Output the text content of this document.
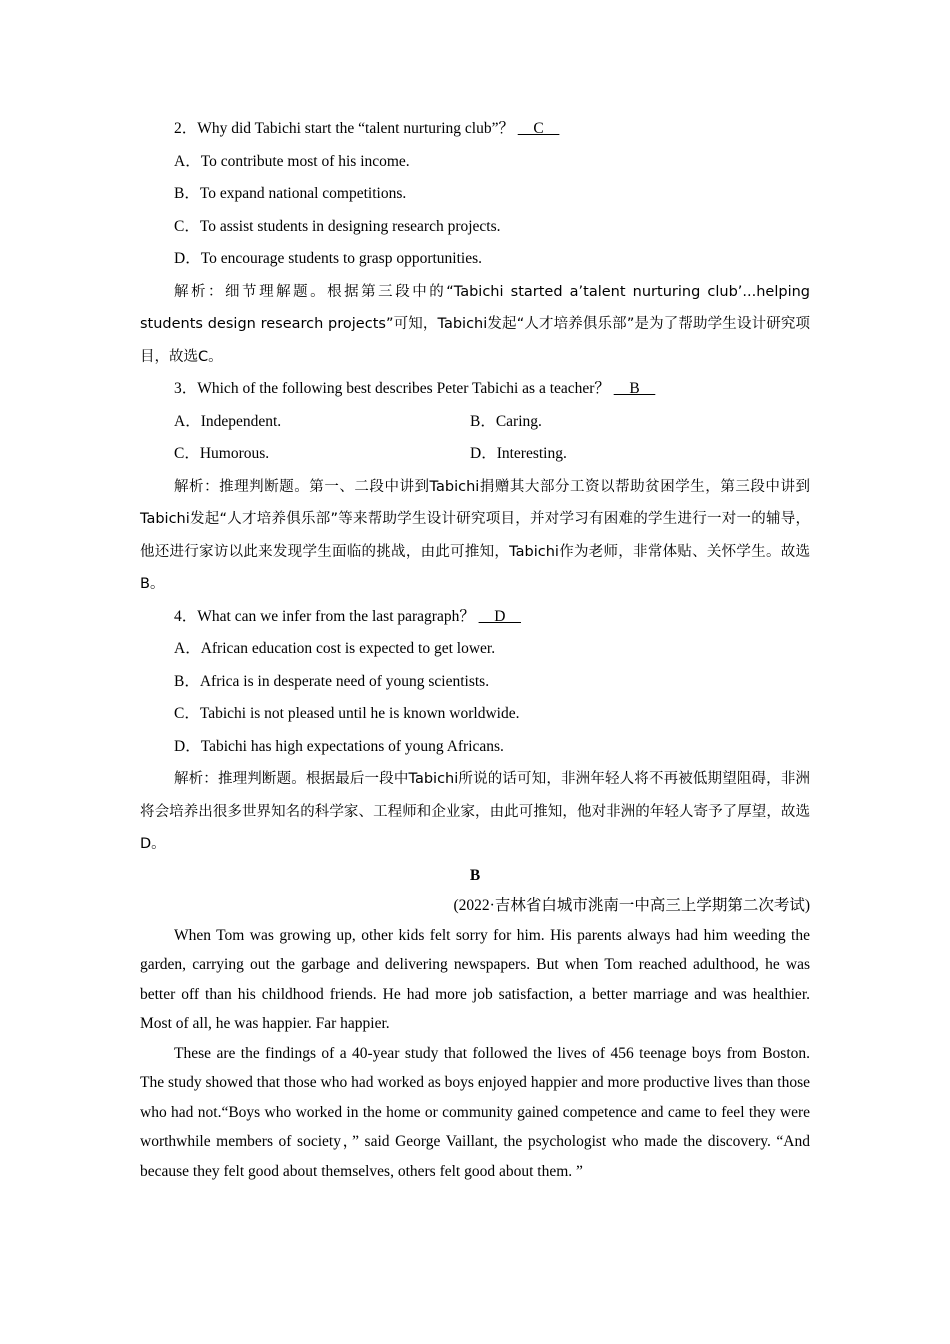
2．Why did Tabichi start the “talent nurturing club”？ __C__
A．To contribute most of his income.
B．To expand national competitions.
C．To assist students in designing research projects.
D．To encourage students to grasp opportunities.
解析：细节理解题。根据第三段中的“Tabichi started a’talent nurturing club’...helping students design research projects”可知，Tabichi发起“人才培养俱乐部”是为了帮助学生设计研究项目，故选C。
3．Which of the following best describes Peter Tabichi as a teacher？ __B__
A．Independent.	B．Caring.
C．Humorous.	D．Interesting.
解析：推理判断题。第一、二段中讲到Tabichi捐赠其大部分工资以帮助贫困学生，第三段中讲到Tabichi发起“人才培养俱乐部”等来帮助学生设计研究项目，并对学习有困难的学生进行一对一的辅导，他还进行家访以此来发现学生面临的挑战，由此可推知，Tabichi作为老师，非常体贴、关怀学生。故选B。
4．What can we infer from the last paragraph？ __D__
A．African education cost is expected to get lower.
B．Africa is in desperate need of young scientists.
C．Tabichi is not pleased until he is known worldwide.
D．Tabichi has high expectations of young Africans.
解析：推理判断题。根据最后一段中Tabichi所说的话可知，非洲年轻人将不再被低期望阻碍，非洲将会培养出很多世界知名的科学家、工程师和企业家，由此可推知，他对非洲的年轻人寄予了厚望，故选D。
B
(2022·吉林省白城市洮南一中高三上学期第二次考试)
When Tom was growing up, other kids felt sorry for him. His parents always had him weeding the garden, carrying out the garbage and delivering newspapers. But when Tom reached adulthood, he was better off than his childhood friends. He had more job satisfaction, a better marriage and was healthier. Most of all, he was happier. Far happier.
These are the findings of a 40-year study that followed the lives of 456 teenage boys from Boston. The study showed that those who had worked as boys enjoyed happier and more productive lives than those who had not.“Boys who worked in the home or community gained competence and came to feel they were worthwhile members of society，” said George Vaillant, the psychologist who made the discovery. “And because they felt good about themselves, others felt good about them. ”
